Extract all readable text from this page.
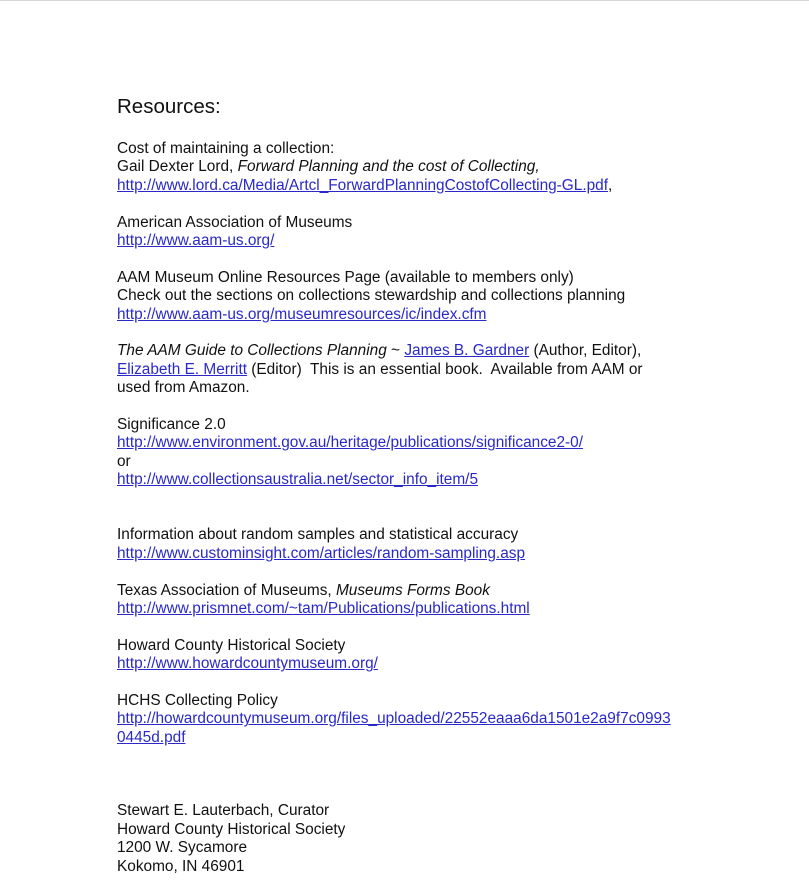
Resources:
Cost of maintaining a collection:
Gail Dexter Lord, Forward Planning and the cost of Collecting,
http://www.lord.ca/Media/Artcl_ForwardPlanningCostofCollecting-GL.pdf,
American Association of Museums
http://www.aam-us.org/
AAM Museum Online Resources Page (available to members only)
Check out the sections on collections stewardship and collections planning
http://www.aam-us.org/museumresources/ic/index.cfm
The AAM Guide to Collections Planning ~ James B. Gardner (Author, Editor),
Elizabeth E. Merritt (Editor)  This is an essential book.  Available from AAM or
used from Amazon.
Significance 2.0
http://www.environment.gov.au/heritage/publications/significance2-0/
or
http://www.collectionsaustralia.net/sector_info_item/5
Information about random samples and statistical accuracy
http://www.custominsight.com/articles/random-sampling.asp
Texas Association of Museums, Museums Forms Book
http://www.prismnet.com/~tam/Publications/publications.html
Howard County Historical Society
http://www.howardcountymuseum.org/
HCHS Collecting Policy
http://howardcountymuseum.org/files_uploaded/22552eaaa6da1501e2a9f7c0993
0445d.pdf
Stewart E. Lauterbach, Curator
Howard County Historical Society
1200 W. Sycamore
Kokomo, IN 46901
